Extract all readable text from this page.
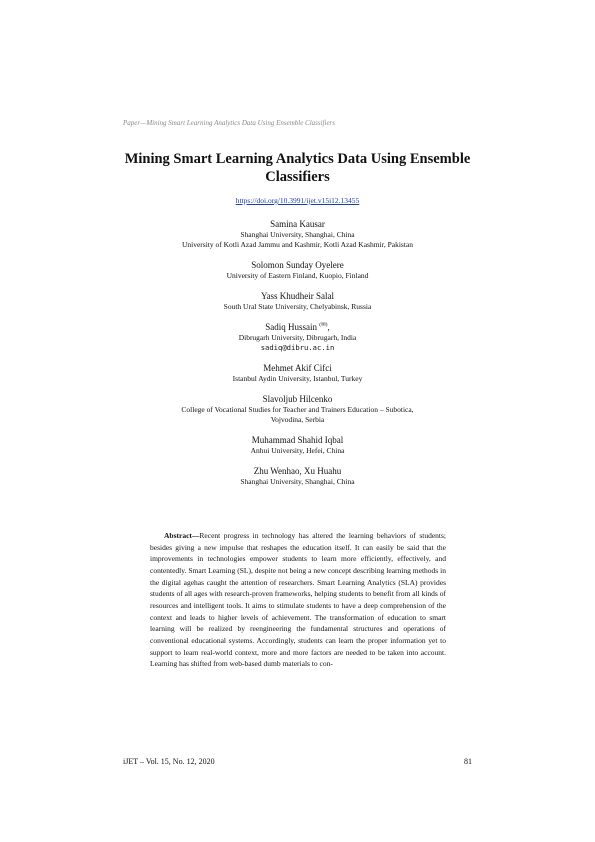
Paper—Mining Smart Learning Analytics Data Using Ensemble Classifiers
Mining Smart Learning Analytics Data Using Ensemble Classifiers
https://doi.org/10.3991/ijet.v15i12.13455
Samina Kausar
Shanghai University, Shanghai, China
University of Kotli Azad Jammu and Kashmir, Kotli Azad Kashmir, Pakistan
Solomon Sunday Oyelere
University of Eastern Finland, Kuopio, Finland
Yass Khudheir Salal
South Ural State University, Chelyabinsk, Russia
Sadiq Hussain (✉),
Dibrugarh University, Dibrugarh, India
sadiq@dibru.ac.in
Mehmet Akif Cifci
Istanbul Aydin University, Istanbul, Turkey
Slavoljub Hilcenko
College of Vocational Studies for Teacher and Trainers Education – Subotica,
Vojvodina, Serbia
Muhammad Shahid Iqbal
Anhui University, Hefei, China
Zhu Wenhao, Xu Huahu
Shanghai University, Shanghai, China
Abstract—Recent progress in technology has altered the learning behaviors of students; besides giving a new impulse that reshapes the education itself. It can easily be said that the improvements in technologies empower students to learn more efficiently, effectively, and contentedly. Smart Learning (SL), despite not being a new concept describing learning methods in the digital agehas caught the attention of researchers. Smart Learning Analytics (SLA) provides students of all ages with research-proven frameworks, helping students to benefit from all kinds of resources and intelligent tools. It aims to stimulate students to have a deep comprehension of the context and leads to higher levels of achievement. The transformation of education to smart learning will be realized by reengineering the fundamental structures and operations of conventional educational systems. Accordingly, students can learn the proper information yet to support to learn real-world context, more and more factors are needed to be taken into account. Learning has shifted from web-based dumb materials to con-
iJET ‒ Vol. 15, No. 12, 2020	81
